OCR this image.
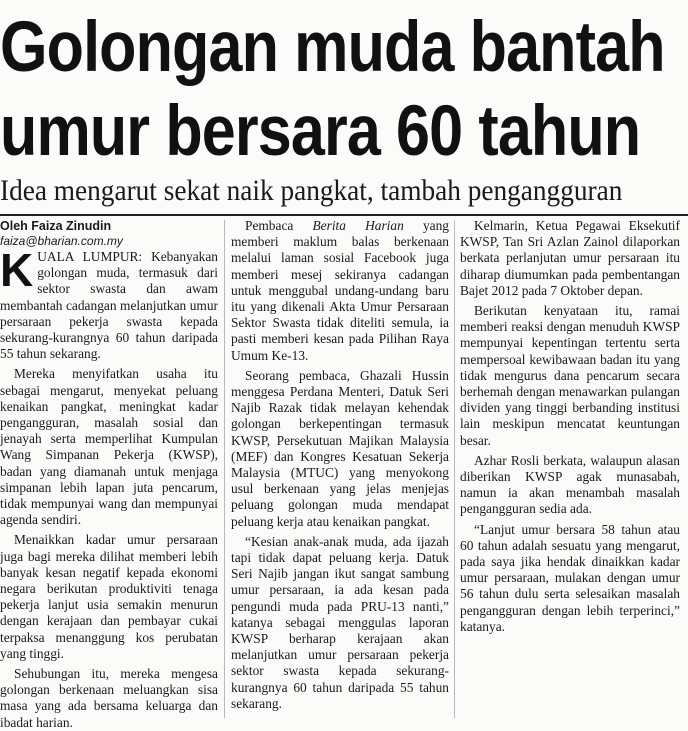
Golongan muda bantah
umur bersara 60 tahun
Idea mengarut sekat naik pangkat, tambah pengangguran

Oleh Faiza Zinudin

faiza@bharian.com.my

KUALA LUMPUR: Kebanyakan golongan muda, termasuk dari sektor swasta dan awam membantah cadangan melanjutkan umur persaraan pekerja swasta kepada sekurang-kurangnya 60 tahun daripada 55 tahun sekarang.

Mereka menyifatkan usaha itu sebagai mengarut, menyekat peluang kenaikan pangkat, meningkat kadar pengangguran, masalah sosial dan jenayah serta memperlihat Kumpulan Wang Simpanan Pekerja (KWSP), badan yang diamanah untuk menjaga simpanan lebih lapan juta pencarum, tidak mempunyai wang dan mempunyai agenda sendiri.

Menaikkan kadar umur persaraan juga bagi mereka dilihat memberi lebih banyak kesan negatif kepada ekonomi negara berikutan produktiviti tenaga pekerja lanjut usia semakin menurun dengan kerajaan dan pembayar cukai terpaksa menanggung kos perubatan yang tinggi.

Sehubungan itu, mereka mengesa golongan berkenaan meluangkan sisa masa yang ada bersama keluarga dan ibadat harian.

Pembaca Berita Harian yang memberi maklum balas berkenaan melalui laman sosial Facebook juga memberi mesej sekiranya cadangan untuk menggubal undang-undang baru itu yang dikenali Akta Umur Persaraan Sektor Swasta tidak diteliti semula, ia pasti memberi kesan pada Pilihan Raya Umum Ke-13.

Seorang pembaca, Ghazali Hussin menggesa Perdana Menteri, Datuk Seri Najib Razak tidak melayan kehendak golongan berkepentingan termasuk KWSP, Persekutuan Majikan Malaysia (MEF) dan Kongres Kesatuan Sekerja Malaysia (MTUC) yang menyokong usul berkenaan yang jelas menjejas peluang golongan muda mendapat peluang kerja atau kenaikan pangkat.

“Kesian anak-anak muda, ada ijazah tapi tidak dapat peluang kerja. Datuk Seri Najib jangan ikut sangat sambung umur persaraan, ia ada kesan pada pengundi muda pada PRU-13 nanti,” katanya sebagai menggulas laporan KWSP berharap kerajaan akan melanjutkan umur persaraan pekerja sektor swasta kepada sekurang-kurangnya 60 tahun daripada 55 tahun sekarang.

Kelmarin, Ketua Pegawai Eksekutif KWSP, Tan Sri Azlan Zainol dilaporkan berkata perlanjutan umur persaraan itu diharap diumumkan pada pembentangan Bajet 2012 pada 7 Oktober depan.

Berikutan kenyataan itu, ramai memberi reaksi dengan menuduh KWSP mempunyai kepentingan tertentu serta mempersoal kewibawaan badan itu yang tidak mengurus dana pencarum secara berhemah dengan menawarkan pulangan dividen yang tinggi berbanding institusi lain meskipun mencatat keuntungan besar.

Azhar Rosli berkata, walaupun alasan diberikan KWSP agak munasabah, namun ia akan menambah masalah pengangguran sedia ada.

“Lanjut umur bersara 58 tahun atau 60 tahun adalah sesuatu yang mengarut, pada saya jika hendak dinaikkan kadar umur persaraan, mulakan dengan umur 56 tahun dulu serta selesaikan masalah pengangguran dengan lebih terperinci,” katanya.
